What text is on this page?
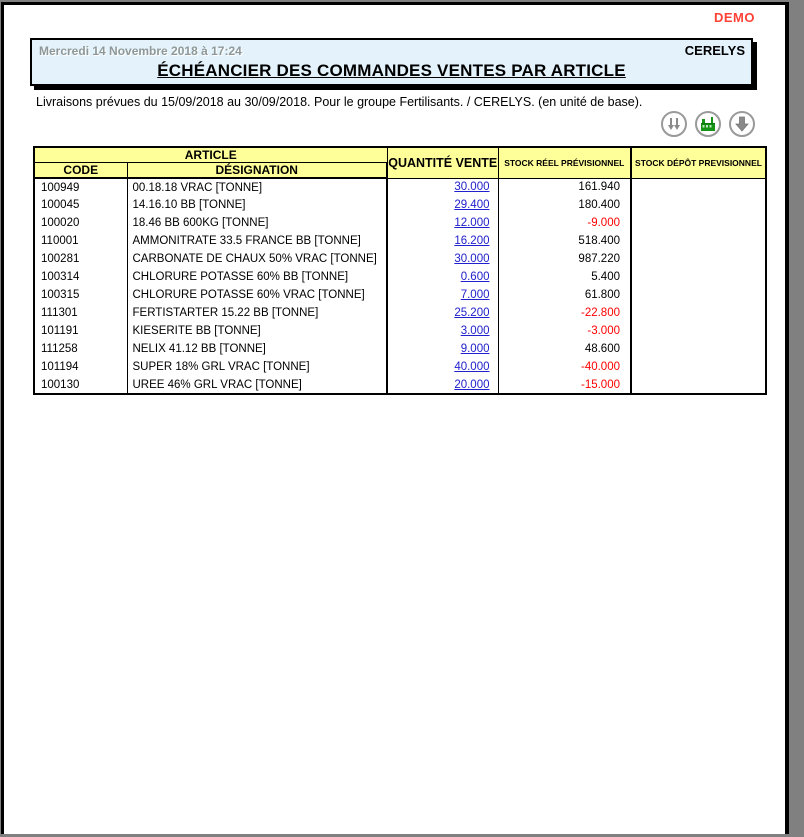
DEMO
Mercredi 14 Novembre 2018 à 17:24	CERELYS
ÉCHÉANCIER DES COMMANDES VENTES PAR ARTICLE
Livraisons prévues du 15/09/2018 au 30/09/2018. Pour le groupe Fertilisants. / CERELYS. (en unité de base).
ARTICLE		QUANTITÉ VENTE	STOCK RÉEL PRÉVISIONNEL	STOCK DÉPÔT PREVISIONNEL
CODE	DÉSIGNATION			
100949	00.18.18 VRAC [TONNE]	30.000	161.940	
100045	14.16.10 BB [TONNE]	29.400	180.400	
100020	18.46 BB 600KG [TONNE]	12.000	-9.000	
110001	AMMONITRATE 33.5 FRANCE BB [TONNE]	16.200	518.400	
100281	CARBONATE DE CHAUX 50% VRAC [TONNE]	30.000	987.220	
100314	CHLORURE POTASSE 60% BB [TONNE]	0.600	5.400	
100315	CHLORURE POTASSE 60% VRAC [TONNE]	7.000	61.800	
111301	FERTISTARTER 15.22 BB [TONNE]	25.200	-22.800	
101191	KIESERITE BB [TONNE]	3.000	-3.000	
111258	NELIX 41.12 BB [TONNE]	9.000	48.600	
101194	SUPER 18% GRL VRAC [TONNE]	40.000	-40.000	
100130	UREE 46% GRL VRAC [TONNE]	20.000	-15.000	
